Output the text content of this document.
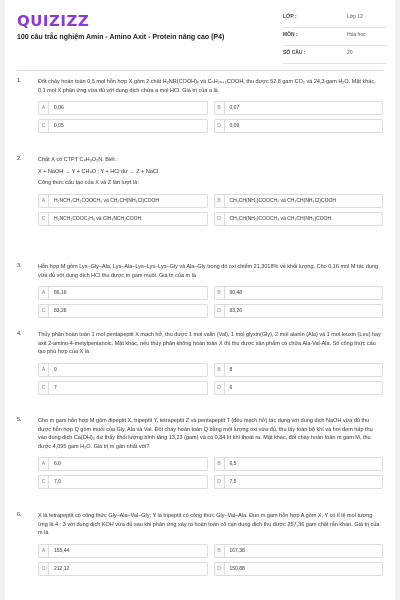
QUIZIZZ
100 câu trắc nghiệm Amin - Amino Axit - Protein nâng cao (P4)
LỚP :	Lớp 12
MÔN :	Hóa học
SỐ CÂU :	20
1.	Đốt cháy hoàn toàn 0,5 mol hỗn hợp X gồm 2 chất H₂NR(COOH)ₓ và CₙH₂ₙ₊₁COOH, thu được 52,8 gam CO₂ và 24,3 gam H₂O. Mặt khác, 0,1 mol X phản ứng vừa đủ với dung dịch chứa a mol HCl. Giá trị của a là

A	0,06	B	0,07
C	0,05	D	0,09
2.	Chất X có CTPT C₄H₉O₂N. Biết :

X + NaOH → Y + CH₄O ; Y + HCl dư → Z + NaCl

Công thức cấu tạo của X và Z lần lượt là:

A	H₂NCH₂CH₂COOCH₃ và CH₃CH(NH₃Cl)COOH	B	CH₃CH(NH₂)COOCH₃ và CH₃CH(NH₃Cl)COOH
C	H₂NCH₂COOC₂H₅ và ClH₃NCH₂COOH	D	CH₃CH(NH₂)COOCH₃ và CH₃CH(NH₂)COOH
3.	Hỗn hợp M gồm Lys–Gly–Ala, Lys–Ala–Lys–Lys–Lys–Gly và Ala–Gly trong đó oxi chiếm 21,3018% về khối lượng. Cho 0,16 mol M tác dụng vừa đủ với dung dịch HCl thu được m gam muối. Giá trị của m là

A	86,16	B	90,48
C	83,28	D	93,26
4.	Thủy phân hoàn toàn 1 mol pentapeptit X mạch hở, thu được 1 mol valin (Val), 1 mol glyxin(Gly), 2 mol alanin (Ala) và 1 mol leuxin (Leu) hay axit 2-amino-4-metylpentanoic. Mặt khác, nếu thủy phân không hoàn toàn X thì thu được sản phẩm có chứa Ala-Val-Ala. Số công thức cấu tạo phù hợp của X là

A	9	B	8
C	7	D	6
5.	Cho m gam hỗn hợp M gồm đipeptit X, tripeptit Y, tetrapeptit Z và pentapeptit T (đều mạch hở) tác dụng với dung dịch NaOH vừa đủ thu được hỗn hợp Q gồm muối của Gly, Ala và Val. Đốt cháy hoàn toàn Q bằng một lượng oxi vừa đủ, thu lấy toàn bộ khí và hơi đem hấp thụ vào dung dịch Ca(OH)₂ dư thấy khối lượng bình tăng 13,23 (gam) và có 0,84 lít khí thoát ra. Mặt khác, đốt cháy hoàn toàn m gam M, thu được 4,095 gam H₂O. Giá trị m gần nhất với?

A	6,0	B	6,5
C	7,0	D	7,5
6.	X là tetrapeptit có công thức Gly–Ala–Val–Gly; Y là tripeptit có công thức Gly–Val–Ala. Đun m gam hỗn hợp A gồm X, Y có tỉ lệ mol tương ứng là 4 : 3 với dung dịch KOH vừa đủ sau khi phản ứng xảy ra hoàn toàn cô cạn dung dịch thu được 257,36 gam chất rắn khan. Giá trị của m là

A	155,44	B	167,38
C	212,12	D	150,88
